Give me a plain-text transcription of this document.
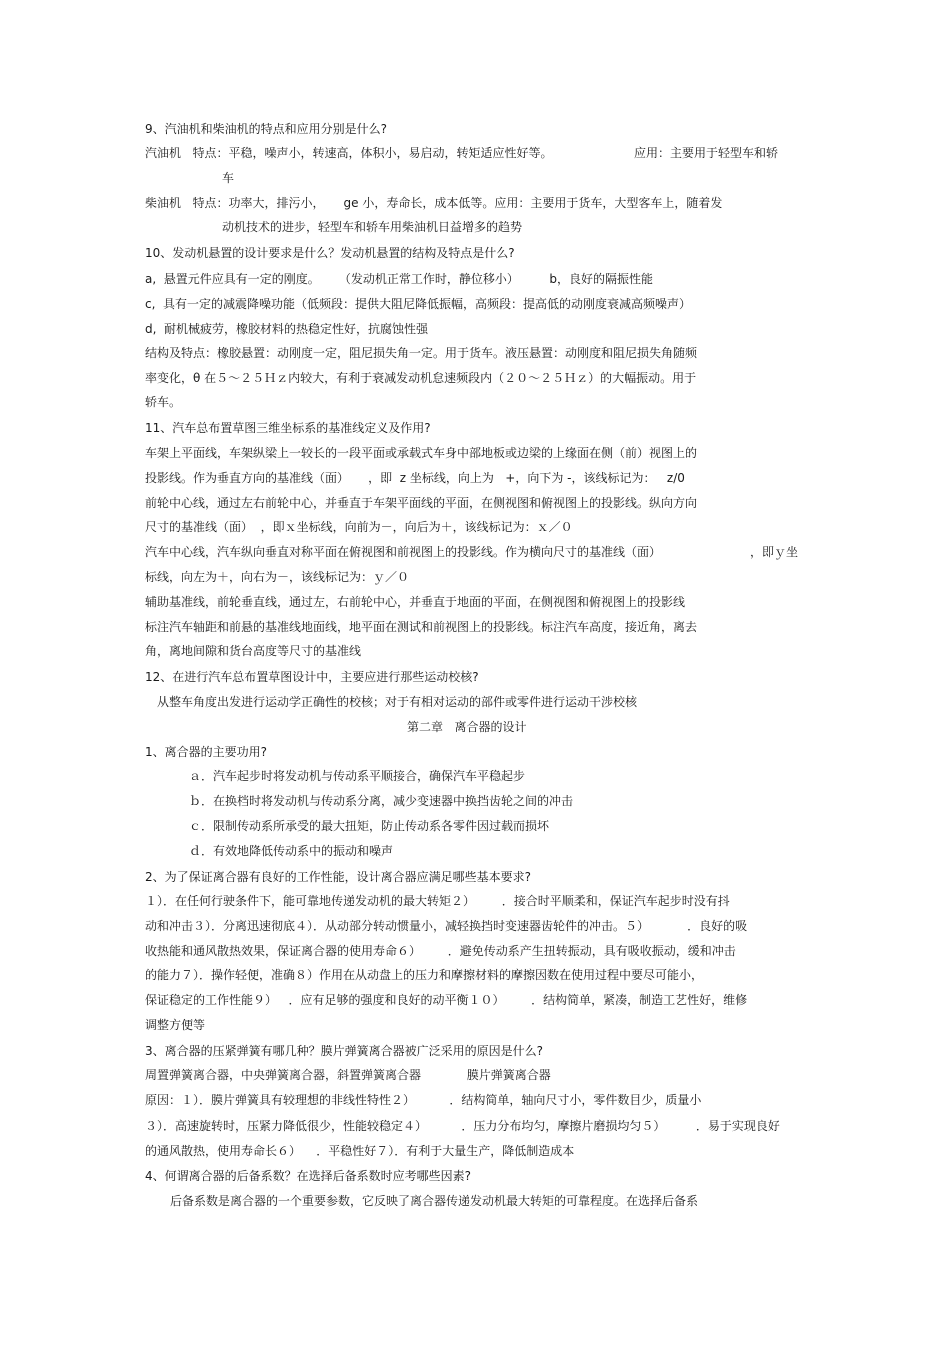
9、汽油机和柴油机的特点和应用分别是什么?
汽油机   特点：平稳，噪声小，转速高，体积小，易启动，转矩适应性好等。	应用：主要用于轻型车和轿
车
柴油机   特点：功率大，排污小，     ge 小，寿命长，成本低等。应用：主要用于货车，大型客车上，随着发
动机技术的进步，轻型车和轿车用柴油机日益增多的趋势
10、发动机悬置的设计要求是什么？发动机悬置的结构及特点是什么?
a,  悬置元件应具有一定的刚度。     （发动机正常工作时，静位移小）        b，良好的隔振性能
c,  具有一定的减震降噪功能（低频段：提供大阻尼降低振幅，高频段：提高低的动刚度衰减高频噪声）
d,  耐机械疲劳，橡胶材料的热稳定性好，抗腐蚀性强
结构及特点：橡胶悬置：动刚度一定，阻尼损失角一定。用于货车。液压悬置：动刚度和阻尼损失角随频
率变化，θ 在５～２５Ｈｚ内较大，有利于衰减发动机怠速频段内（２０～２５Ｈｚ）的大幅振动。用于
轿车。
11、汽车总布置草图三维坐标系的基准线定义及作用?
车架上平面线，车架纵梁上一较长的一段平面或承载式车身中部地板或边梁的上缘面在侧（前）视图上的
投影线。作为垂直方向的基准线（面）     ，即  z 坐标线，向上为   +，向下为 -，该线标记为：   z/0
前轮中心线，通过左右前轮中心，并垂直于车架平面线的平面，在侧视图和俯视图上的投影线。纵向方向
尺寸的基准线（面）  ，即ｘ坐标线，向前为－，向后为＋，该线标记为：ｘ／０
汽车中心线，汽车纵向垂直对称平面在俯视图和前视图上的投影线。作为横向尺寸的基准线（面）	，即ｙ坐
标线，向左为＋，向右为－，该线标记为：ｙ／０
辅助基准线，前轮垂直线，通过左，右前轮中心，并垂直于地面的平面，在侧视图和俯视图上的投影线
标注汽车轴距和前悬的基准线地面线，地平面在测试和前视图上的投影线。标注汽车高度，接近角，离去
角，离地间隙和货台高度等尺寸的基准线
12、在进行汽车总布置草图设计中，主要应进行那些运动校核?
从整车角度出发进行运动学正确性的校核；对于有相对运动的部件或零件进行运动干涉校核
第二章   离合器的设计
1、离合器的主要功用?
ａ．汽车起步时将发动机与传动系平顺接合，确保汽车平稳起步
ｂ．在换档时将发动机与传动系分离，减少变速器中换挡齿轮之间的冲击
ｃ．限制传动系所承受的最大扭矩，防止传动系各零件因过载而损坏
ｄ．有效地降低传动系中的振动和噪声
2、为了保证离合器有良好的工作性能，设计离合器应满足哪些基本要求?
１）．在任何行驶条件下，能可靠地传递发动机的最大转矩２）       ．接合时平顺柔和，保证汽车起步时没有抖
动和冲击３）．分离迅速彻底４）．从动部分转动惯量小，减轻换挡时变速器齿轮件的冲击。５）          ．良好的吸
收热能和通风散热效果，保证离合器的使用寿命６）       ．避免传动系产生扭转振动，具有吸收振动，缓和冲击
的能力７）．操作轻便，准确８）作用在从动盘上的压力和摩擦材料的摩擦因数在使用过程中要尽可能小，
保证稳定的工作性能９）   ．应有足够的强度和良好的动平衡１０）       ．结构简单，紧凑，制造工艺性好，维修
调整方便等
3、离合器的压紧弹簧有哪几种？膜片弹簧离合器被广泛采用的原因是什么?
周置弹簧离合器，中央弹簧离合器，斜置弹簧离合器            膜片弹簧离合器
原因：１）．膜片弹簧具有较理想的非线性特性２）         ．结构简单，轴向尺寸小，零件数目少，质量小
３）．高速旋转时，压紧力降低很少，性能较稳定４）         ．压力分布均匀，摩擦片磨损均匀５）        ．易于实现良好
的通风散热，使用寿命长６）    ．平稳性好７）．有利于大量生产，降低制造成本
4、何谓离合器的后备系数？在选择后备系数时应考哪些因素?
后备系数是离合器的一个重要参数，它反映了离合器传递发动机最大转矩的可靠程度。在选择后备系
